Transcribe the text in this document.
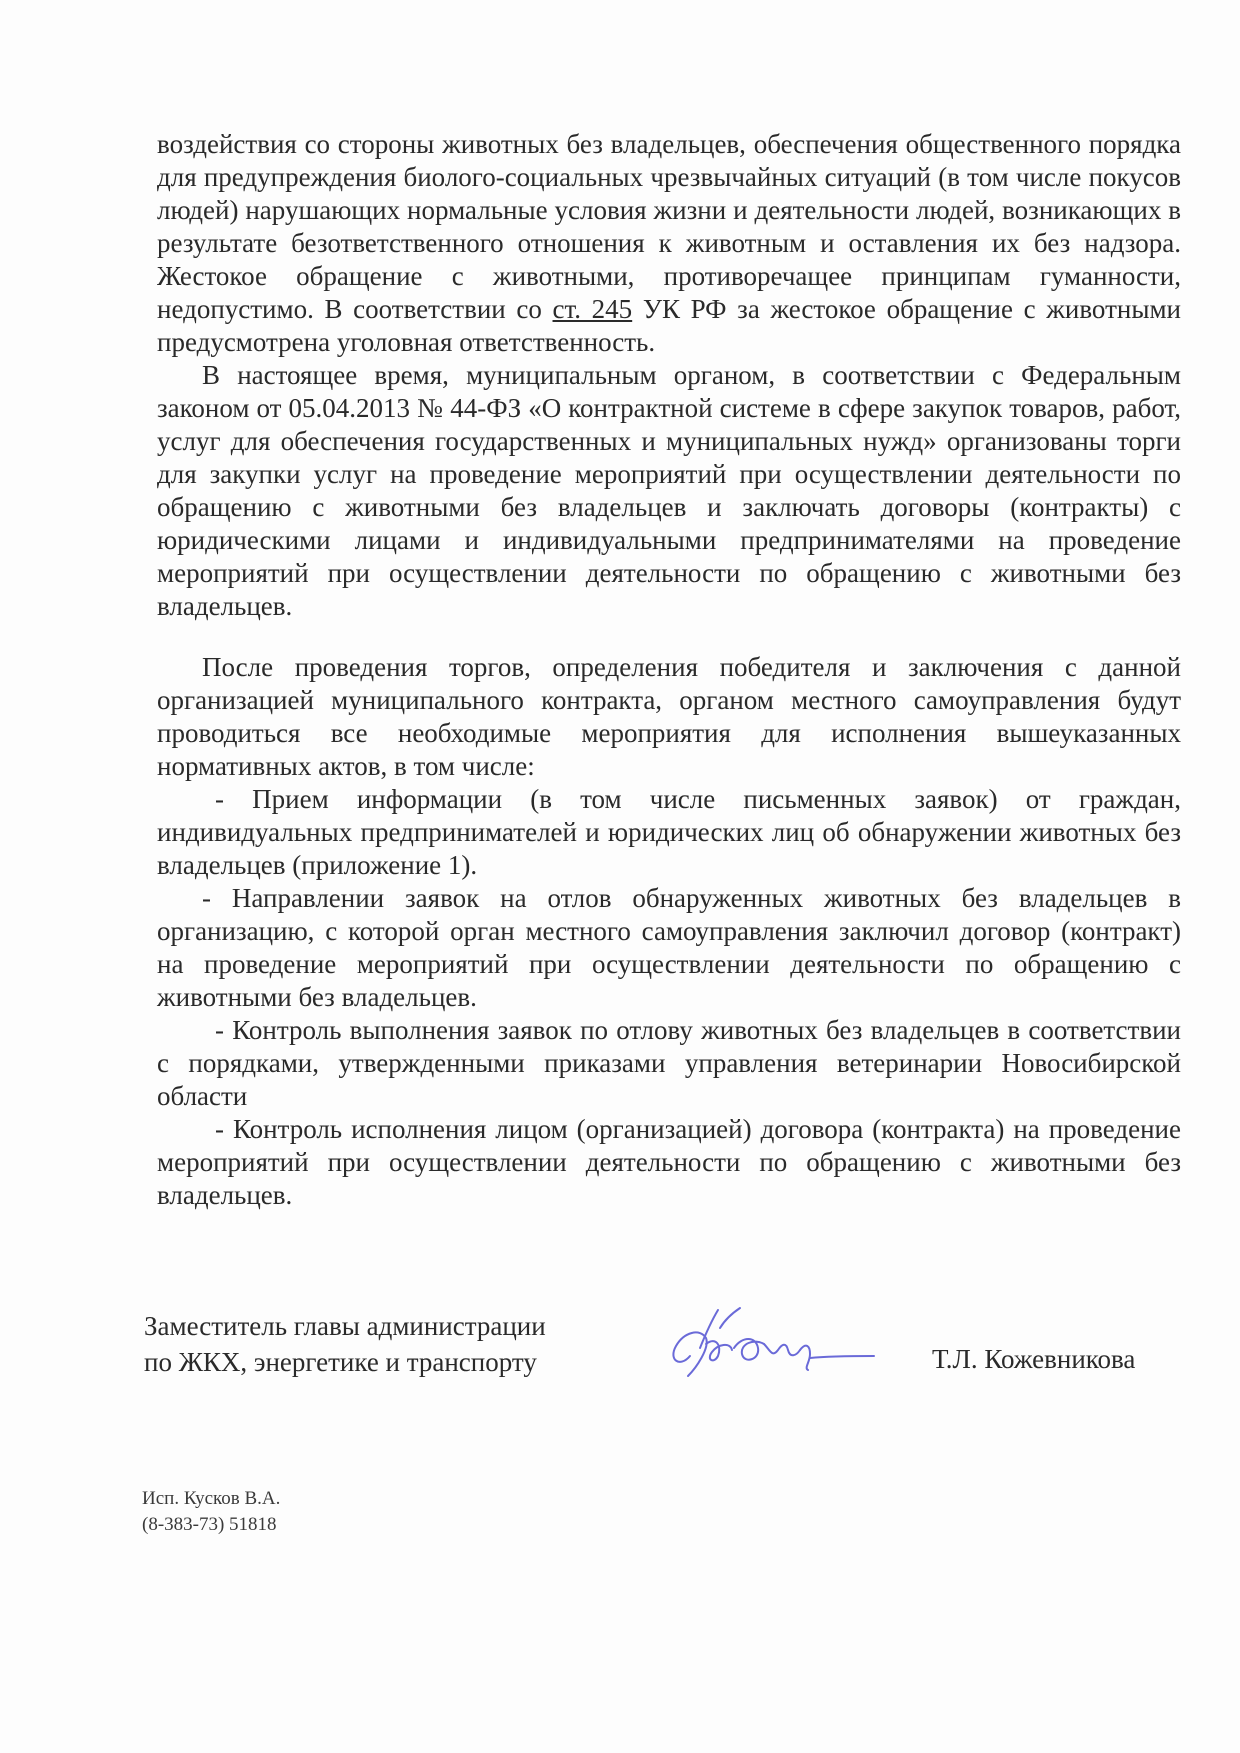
воздействия со стороны животных без владельцев, обеспечения общественного порядка для предупреждения биолого-социальных чрезвычайных ситуаций (в том числе покусов людей) нарушающих нормальные условия жизни и деятельности людей, возникающих в результате безответственного отношения к животным и оставления их без надзора. Жестокое обращение с животными, противоречащее принципам гуманности, недопустимо. В соответствии со ст. 245 УК РФ за жестокое обращение с животными предусмотрена уголовная ответственность.

В настоящее время, муниципальным органом, в соответствии с Федеральным законом от 05.04.2013 № 44-ФЗ «О контрактной системе в сфере закупок товаров, работ, услуг для обеспечения государственных и муниципальных нужд» организованы торги для закупки услуг на проведение мероприятий при осуществлении деятельности по обращению с животными без владельцев и заключать договоры (контракты) с юридическими лицами и индивидуальными предпринимателями на проведение мероприятий при осуществлении деятельности по обращению с животными без владельцев.

После проведения торгов, определения победителя и заключения с данной организацией муниципального контракта, органом местного самоуправления будут проводиться все необходимые мероприятия для исполнения вышеуказанных нормативных актов, в том числе:

- Прием информации (в том числе письменных заявок) от граждан, индивидуальных предпринимателей и юридических лиц об обнаружении животных без владельцев (приложение 1).

- Направлении заявок на отлов обнаруженных животных без владельцев в организацию, с которой орган местного самоуправления заключил договор (контракт) на проведение мероприятий при осуществлении деятельности по обращению с животными без владельцев.

- Контроль выполнения заявок по отлову животных без владельцев в соответствии с порядками, утвержденными приказами управления ветеринарии Новосибирской области

- Контроль исполнения лицом (организацией) договора (контракта) на проведение мероприятий при осуществлении деятельности по обращению с животными без владельцев.

Заместитель главы администрации
по ЖКХ, энергетике и транспорту	Т.Л. Кожевникова
Исп. Кусков В.А.
(8-383-73) 51818
